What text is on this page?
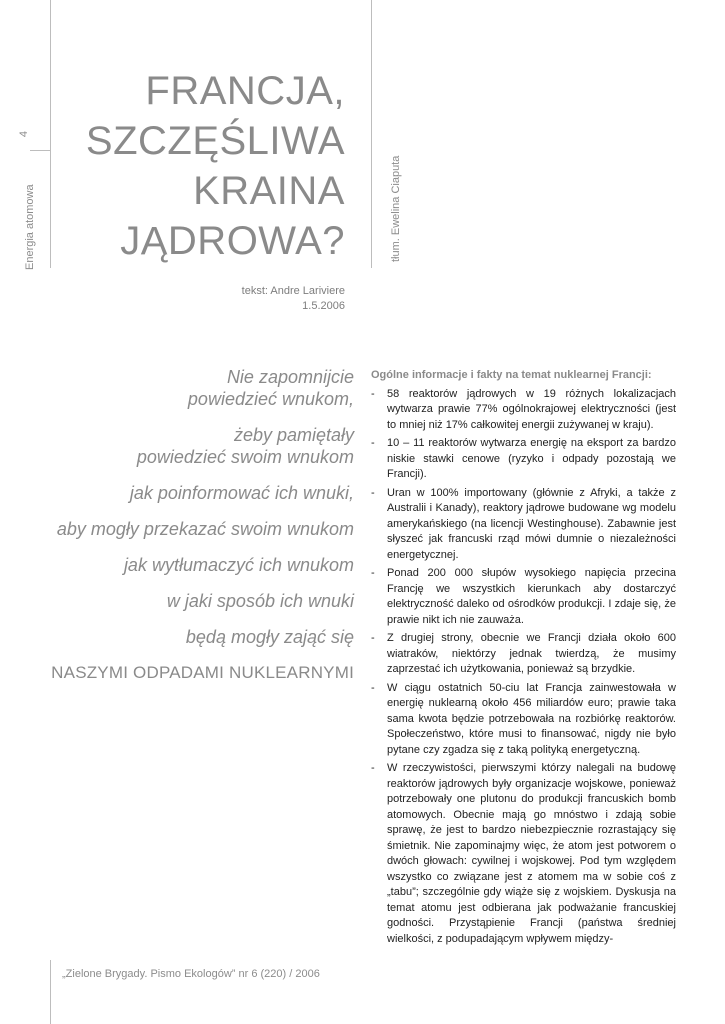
4
Energia atomowa	tłum. Ewelina Ciaputa
FRANCJA,
SZCZĘŚLIWA
KRAINA
JĄDROWA?
tekst: Andre Lariviere
1.5.2006

Nie zapomnijcie
powiedzieć wnukom,

żeby pamiętały
powiedzieć swoim wnukom

jak poinformować ich wnuki,

aby mogły przekazać swoim wnukom

jak wytłumaczyć ich wnukom

w jaki sposób ich wnuki

będą mogły zająć się

NASZYMI ODPADAMI NUKLEARNYMI

Ogólne informacje i fakty na temat nuklearnej Francji:
- 58 reaktorów jądrowych w 19 różnych lokalizacjach wytwarza prawie 77% ogólnokrajowej elektryczności (jest to mniej niż 17% całkowitej energii zużywanej w kraju).
- 10 – 11 reaktorów wytwarza energię na eksport za bardzo niskie stawki cenowe (ryzyko i odpady pozostają we Francji).
- Uran w 100% importowany (głównie z Afryki, a także z Australii i Kanady), reaktory jądrowe budowane wg modelu amerykańskiego (na licencji Westinghouse). Zabawnie jest słyszeć jak francuski rząd mówi dumnie o niezależności energetycznej.
- Ponad 200 000 słupów wysokiego napięcia przecina Francję we wszystkich kierunkach aby dostarczyć elektryczność daleko od ośrodków produkcji. I zdaje się, że prawie nikt ich nie zauważa.
- Z drugiej strony, obecnie we Francji działa około 600 wiatraków, niektórzy jednak twierdzą, że musimy zaprzestać ich użytkowania, ponieważ są brzydkie.
- W ciągu ostatnich 50-ciu lat Francja zainwestowała w energię nuklearną około 456 miliardów euro; prawie taka sama kwota będzie potrzebowała na rozbiórkę reaktorów. Społeczeństwo, które musi to finansować, nigdy nie było pytane czy zgadza się z taką polityką energetyczną.
- W rzeczywistości, pierwszymi którzy nalegali na budowę reaktorów jądrowych były organizacje wojskowe, ponieważ potrzebowały one plutonu do produkcji francuskich bomb atomowych. Obecnie mają go mnóstwo i zdają sobie sprawę, że jest to bardzo niebezpiecznie rozrastający się śmietnik. Nie zapominajmy więc, że atom jest potworem o dwóch głowach: cywilnej i wojskowej. Pod tym względem wszystko co związane jest z atomem ma w sobie coś z „tabu”; szczególnie gdy wiąże się z wojskiem. Dyskusja na temat atomu jest odbierana jak podważanie francuskiej godności. Przystąpienie Francji (państwa średniej wielkości, z podupadającym wpływem między-
„Zielone Brygady. Pismo Ekologów” nr 6 (220) / 2006
